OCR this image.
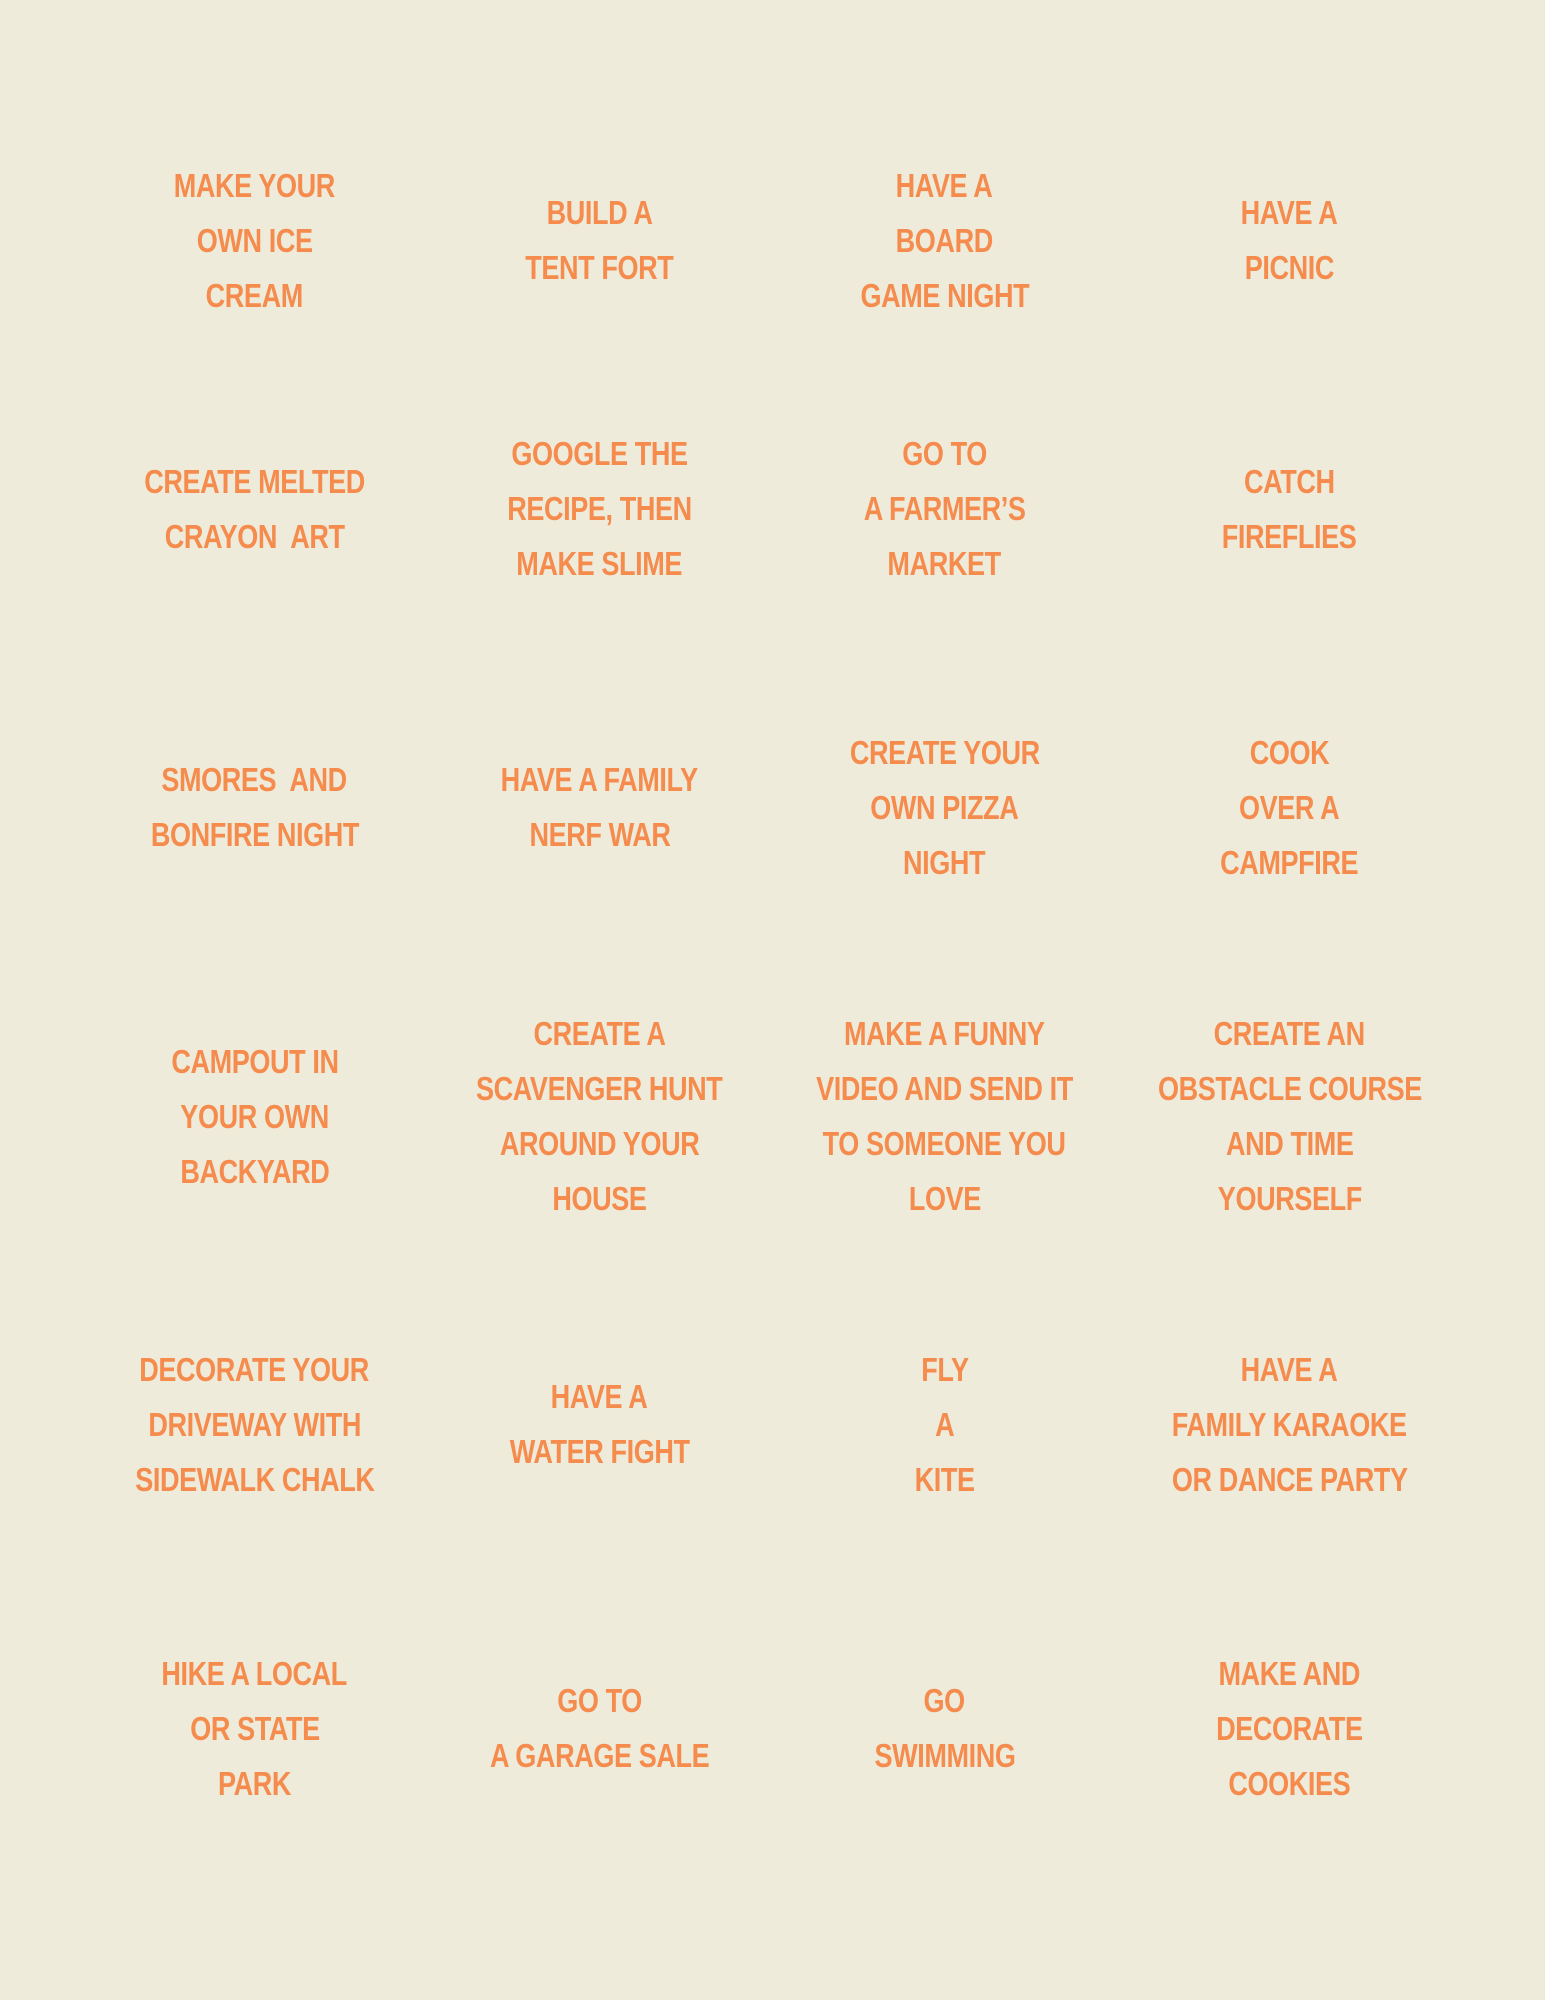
MAKE YOUR
OWN ICE
CREAM
BUILD A
TENT FORT
HAVE A
BOARD
GAME NIGHT
HAVE A
PICNIC
CREATE MELTED
CRAYON  ART
GOOGLE THE
RECIPE, THEN
MAKE SLIME
GO TO
A FARMER’S
MARKET
CATCH
FIREFLIES
SMORES  AND
BONFIRE NIGHT
HAVE A FAMILY
NERF WAR
CREATE YOUR
OWN PIZZA
NIGHT
COOK
OVER A
CAMPFIRE
CAMPOUT IN
YOUR OWN
BACKYARD
CREATE A
SCAVENGER HUNT
AROUND YOUR
HOUSE
MAKE A FUNNY
VIDEO AND SEND IT
TO SOMEONE YOU
LOVE
CREATE AN
OBSTACLE COURSE
AND TIME
YOURSELF
DECORATE YOUR
DRIVEWAY WITH
SIDEWALK CHALK
HAVE A
WATER FIGHT
FLY
A
KITE
HAVE A
FAMILY KARAOKE
OR DANCE PARTY
HIKE A LOCAL
OR STATE
PARK
GO TO
A GARAGE SALE
GO
SWIMMING
MAKE AND
DECORATE
COOKIES
